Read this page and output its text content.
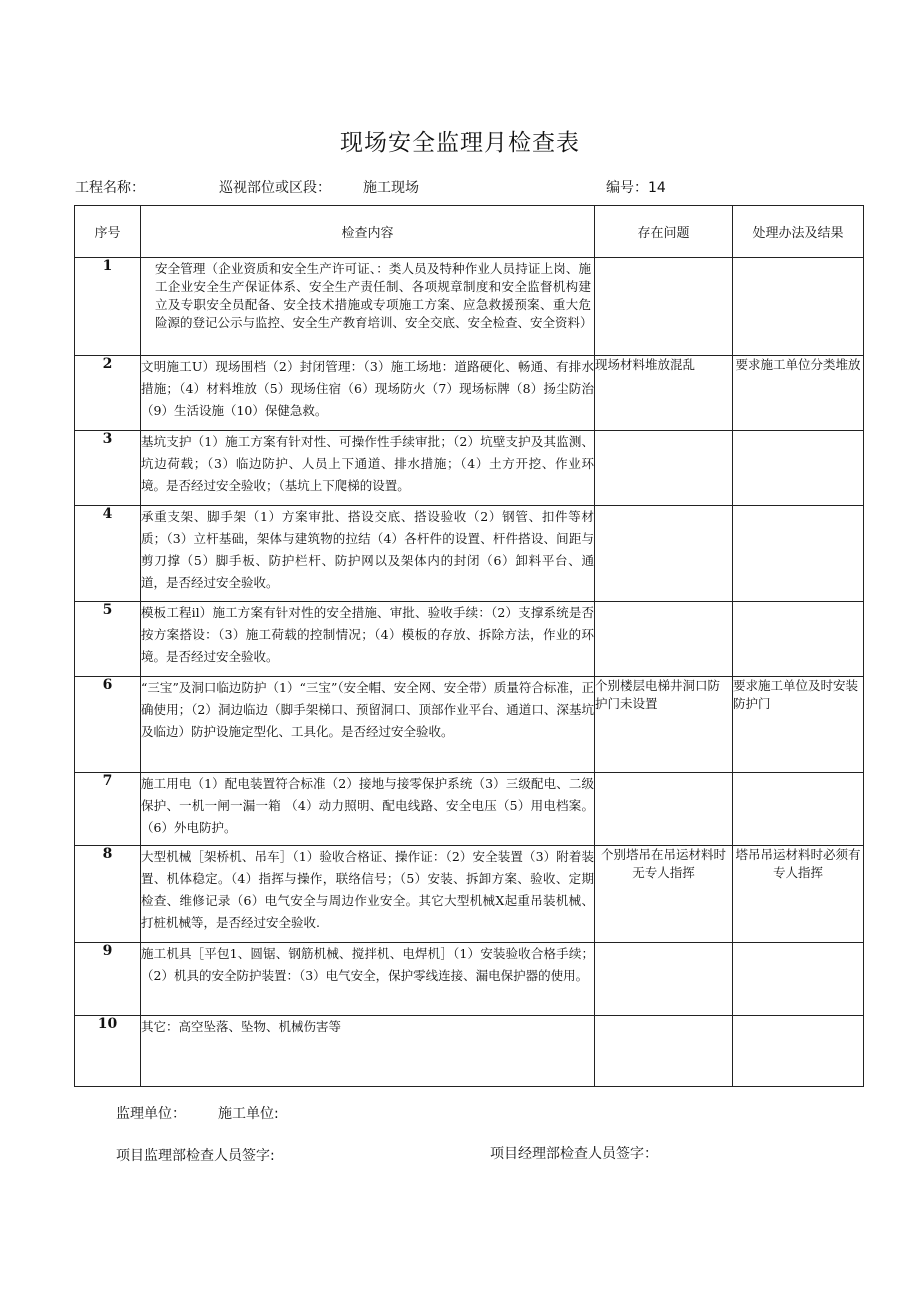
现场安全监理月检查表
工程名称：	巡视部位或区段： 施工现场	编号：14
序号	检查内容	存在问题	处理办法及结果
1	安全管理（企业资质和安全生产许可证、：类人员及特种作业人员持证上岗、施工企业安全生产保证体系、安全生产责任制、各项规章制度和安全监督机构建立及专职安全员配备、安全技术措施或专项施工方案、应急救援预案、重大危险源的登记公示与监控、安全生产教育培训、安全交底、安全检查、安全资料）		
2	文明施工U）现场围档（2）封闭管理：（3）施工场地：道路硬化、畅通、有排水措施；（4）材料堆放（5）现场住宿（6）现场防火（7）现场标牌（8）扬尘防治（9）生活设施（10）保健急救。	现场材料堆放混乱	要求施工单位分类堆放
3	基坑支护（1）施工方案有针对性、可操作性手续审批；（2）坑壁支护及其监测、坑边荷载；（3）临边防护、人员上下通道、排水措施；（4）土方开挖、作业环境。是否经过安全验收；（基坑上下爬梯的设置。		
4	承重支架、脚手架（1）方案审批、搭设交底、搭设验收（2）钢管、扣件等材质；（3）立杆基础，架体与建筑物的拉结（4）各杆件的设置、杆件搭设、间距与剪刀撑（5）脚手板、防护栏杆、防护网以及架体内的封闭（6）卸料平台、通道，是否经过安全验收。		
5	模板工程il）施工方案有针对性的安全措施、审批、验收手续：（2）支撑系统是否按方案搭设：（3）施工荷载的控制情况；（4）模板的存放、拆除方法，作业的环境。是否经过安全验收。		
6	“三宝”及洞口临边防护（1）“三宝”（安全帽、安全网、安全带）质量符合标准，正确使用；（2）洞边临边（脚手架梯口、预留洞口、顶部作业平台、通道口、深基坑及临边）防护设施定型化、工具化。是否经过安全验收。	个别楼层电梯井洞口防护门未设置	要求施工单位及时安装防护门
7	施工用电（1）配电装置符合标准（2）接地与接零保护系统（3）三级配电、二级保护、一机一闸一漏一箱 （4）动力照明、配电线路、安全电压（5）用电档案。（6）外电防护。		
8	大型机械［架桥机、吊车］（1）验收合格证、操作证：（2）安全装置（3）附着装置、机体稳定。（4）指挥与操作，联络信号；（5）安装、拆卸方案、验收、定期检查、维修记录（6）电气安全与周边作业安全。其它大型机械X起重吊装机械、打桩机械等，是否经过安全验收.	个别塔吊在吊运材料时无专人指挥	塔吊吊运材料时必须有专人指挥
9	施工机具［平包1、圆锯、钢筋机械、搅拌机、电焊机］（1）安装验收合格手续；（2）机具的安全防护装置：（3）电气安全，保护零线连接、漏电保护器的使用。		
10	其它：高空坠落、坠物、机械伤害等		
监理单位： 施工单位:
项目监理部检查人员签字:	项目经理部检查人员签字：
